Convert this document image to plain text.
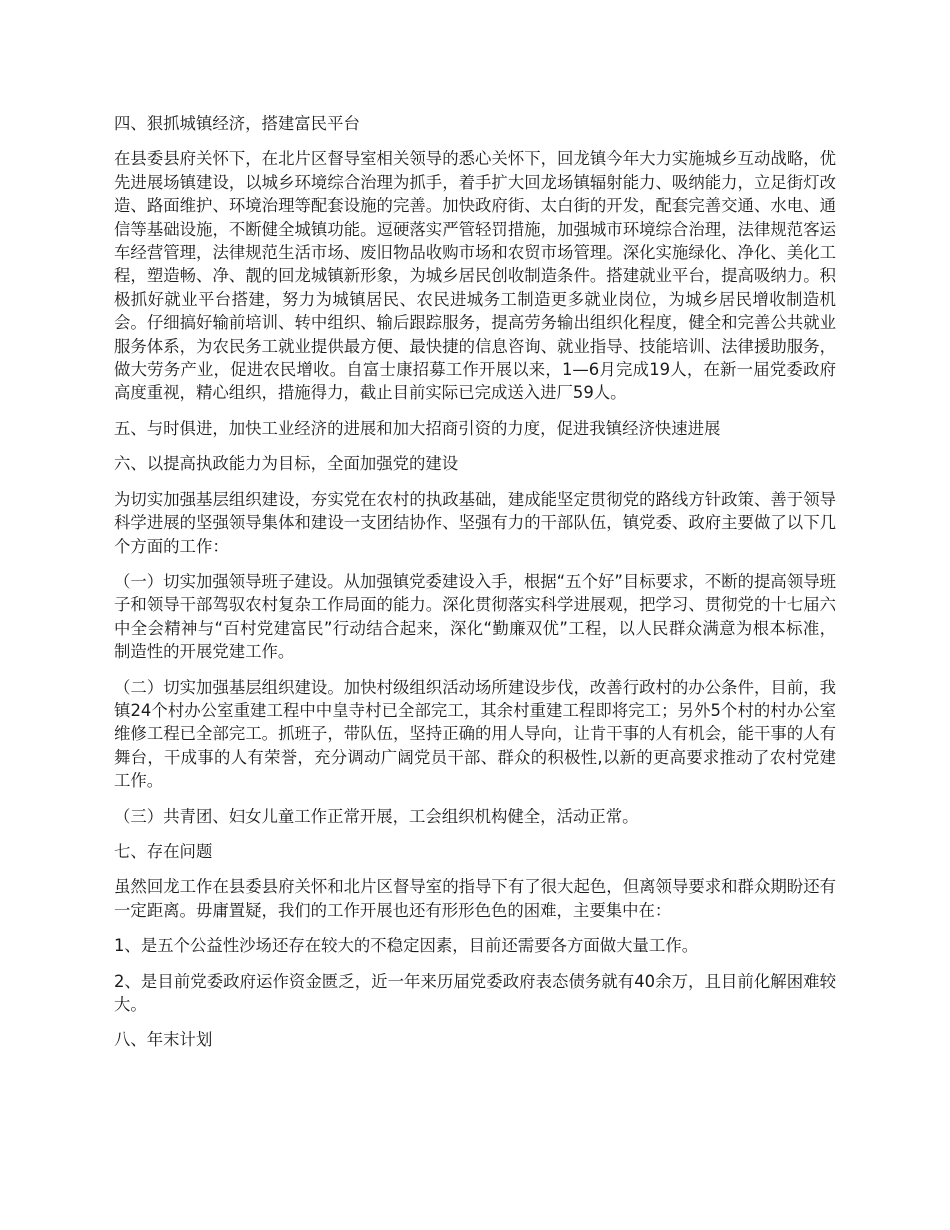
四、狠抓城镇经济，搭建富民平台

在县委县府关怀下，在北片区督导室相关领导的悉心关怀下，回龙镇今年大力实施城乡互动战略，优先进展场镇建设，以城乡环境综合治理为抓手，着手扩大回龙场镇辐射能力、吸纳能力，立足街灯改造、路面维护、环境治理等配套设施的完善。加快政府街、太白街的开发，配套完善交通、水电、通信等基础设施，不断健全城镇功能。逗硬落实严管轻罚措施，加强城市环境综合治理，法律规范客运车经营管理，法律规范生活市场、废旧物品收购市场和农贸市场管理。深化实施绿化、净化、美化工程，塑造畅、净、靓的回龙城镇新形象，为城乡居民创收制造条件。搭建就业平台，提高吸纳力。积极抓好就业平台搭建，努力为城镇居民、农民进城务工制造更多就业岗位，为城乡居民增收制造机会。仔细搞好输前培训、转中组织、输后跟踪服务，提高劳务输出组织化程度，健全和完善公共就业服务体系，为农民务工就业提供最方便、最快捷的信息咨询、就业指导、技能培训、法律援助服务，做大劳务产业，促进农民增收。自富士康招募工作开展以来，1—6月完成19人，在新一届党委政府高度重视，精心组织，措施得力，截止目前实际已完成送入进厂59人。

五、与时俱进，加快工业经济的进展和加大招商引资的力度，促进我镇经济快速进展

六、以提高执政能力为目标，全面加强党的建设

为切实加强基层组织建设，夯实党在农村的执政基础，建成能坚定贯彻党的路线方针政策、善于领导科学进展的坚强领导集体和建设一支团结协作、坚强有力的干部队伍，镇党委、政府主要做了以下几个方面的工作：

（一）切实加强领导班子建设。从加强镇党委建设入手，根据“五个好”目标要求，不断的提高领导班子和领导干部驾驭农村复杂工作局面的能力。深化贯彻落实科学进展观，把学习、贯彻党的十七届六中全会精神与“百村党建富民”行动结合起来，深化“勤廉双优”工程，以人民群众满意为根本标准，制造性的开展党建工作。

（二）切实加强基层组织建设。加快村级组织活动场所建设步伐，改善行政村的办公条件，目前，我镇24个村办公室重建工程中中皇寺村已全部完工，其余村重建工程即将完工；另外5个村的村办公室维修工程已全部完工。抓班子，带队伍，坚持正确的用人导向，让肯干事的人有机会，能干事的人有舞台，干成事的人有荣誉，充分调动广阔党员干部、群众的积极性,以新的更高要求推动了农村党建工作。

（三）共青团、妇女儿童工作正常开展，工会组织机构健全，活动正常。

七、存在问题

虽然回龙工作在县委县府关怀和北片区督导室的指导下有了很大起色，但离领导要求和群众期盼还有一定距离。毋庸置疑，我们的工作开展也还有形形色色的困难，主要集中在：

1、是五个公益性沙场还存在较大的不稳定因素，目前还需要各方面做大量工作。

2、是目前党委政府运作资金匮乏，近一年来历届党委政府表态债务就有40余万，且目前化解困难较大。

八、年末计划
